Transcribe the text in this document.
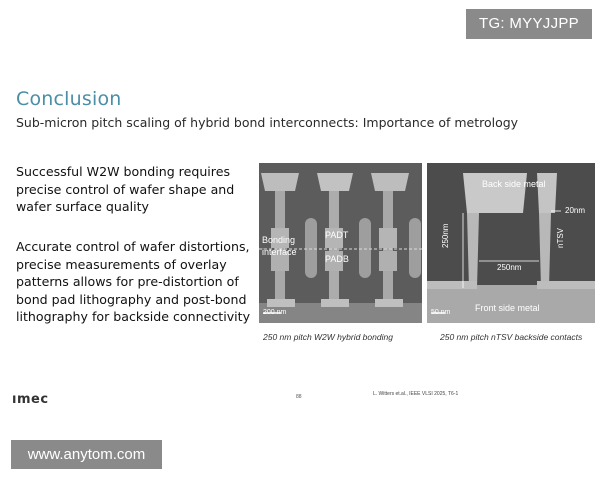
Conclusion
Sub-micron pitch scaling of hybrid bond interconnects: Importance of metrology
Successful W2W bonding requires precise control of wafer shape and wafer surface quality
Accurate control of wafer distortions, precise measurements of overlay patterns allows for pre-distortion of bond pad lithography and post-bond lithography for backside connectivity
Bonding
interface
PADT
PADB
200 nm
Back side metal
20nm
250nm
250nm
nTSV
Front side metal
50 nm
250 nm pitch W2W hybrid bonding	250 nm pitch nTSV backside contacts
ımec	88	L. Witters et.al., IEEE VLSI 2025, T6-1
TG: MYYJJPP
www.anytom.com
